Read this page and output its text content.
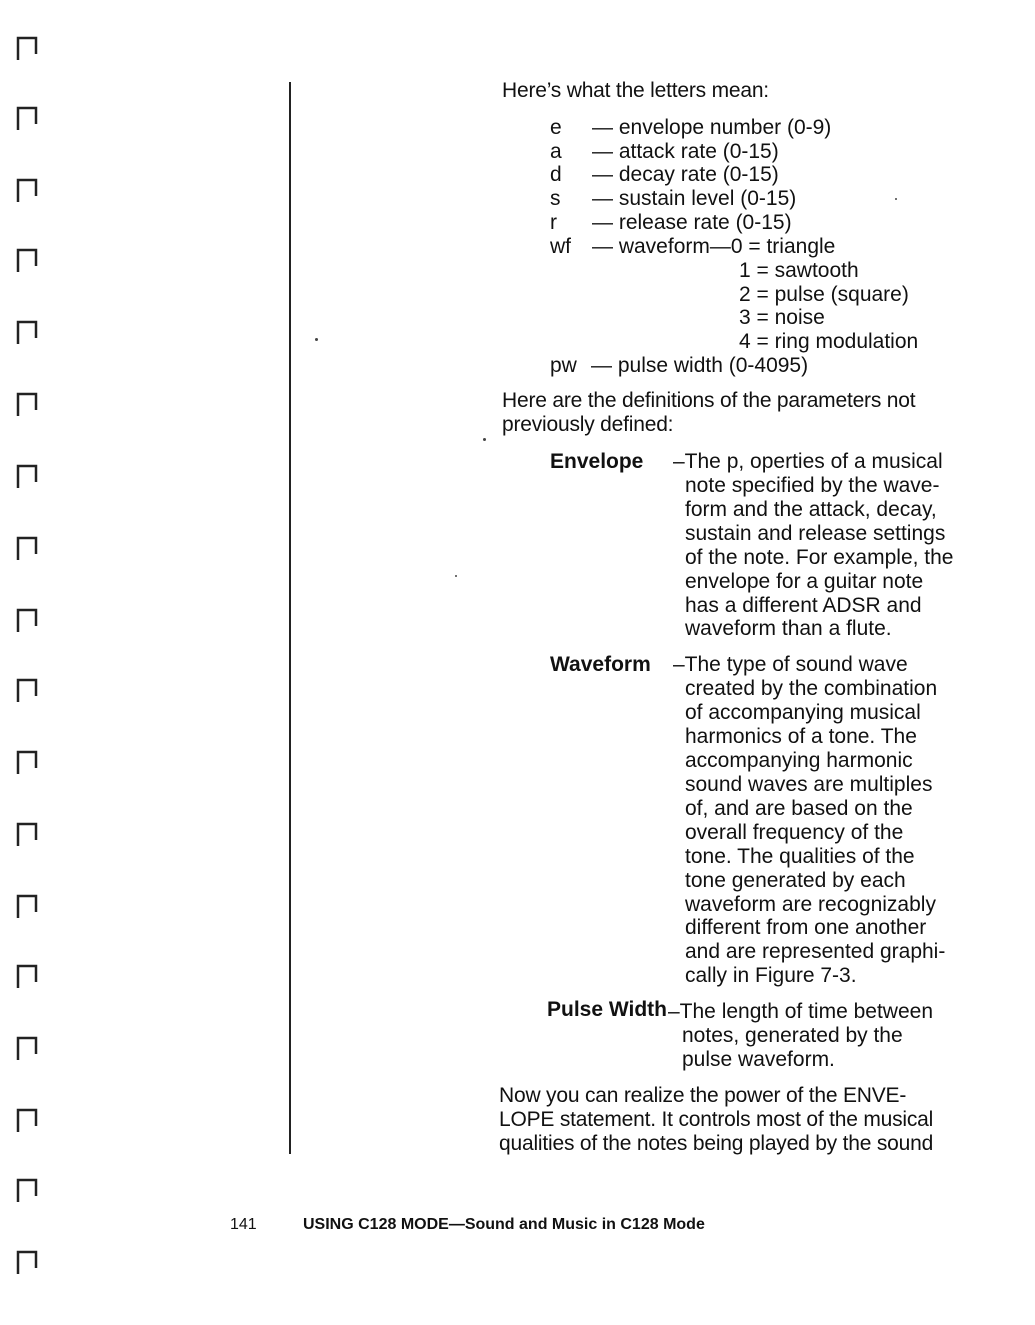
Here’s what the letters mean:
e — envelope number (0-9)
a — attack rate (0-15)
d — decay rate (0-15)
s — sustain level (0-15)
r — release rate (0-15)
wf — waveform—0 = triangle
1 = sawtooth
2 = pulse (square)
3 = noise
4 = ring modulation
pw — pulse width (0-4095)
Here are the definitions of the parameters not previously defined:
Envelope –The p, operties of a musical
note specified by the wave-
form and the attack, decay,
sustain and release settings
of the note. For example, the
envelope for a guitar note
has a different ADSR and
waveform than a flute.
Waveform –The type of sound wave
created by the combination
of accompanying musical
harmonics of a tone. The
accompanying harmonic
sound waves are multiples
of, and are based on the
overall frequency of the
tone. The qualities of the
tone generated by each
waveform are recognizably
different from one another
and are represented graphi-
cally in Figure 7-3.
Pulse Width –The length of time between
notes, generated by the
pulse waveform.
Now you can realize the power of the ENVE-
LOPE statement. It controls most of the musical
qualities of the notes being played by the sound
141	USING C128 MODE—Sound and Music in C128 Mode
